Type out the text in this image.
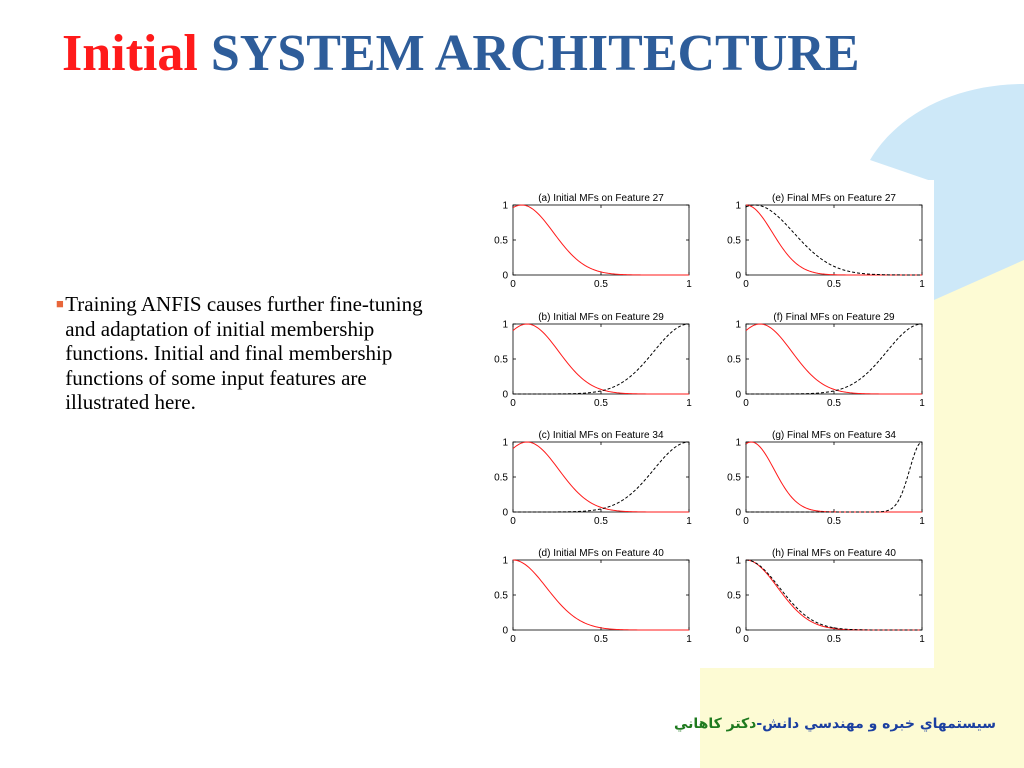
Initial SYSTEM ARCHITECTURE
■ Training ANFIS causes further fine-tuning and adaptation of initial membership functions. Initial and final membership functions of some input features are illustrated here.

(a) Initial MFs on Feature 27
0	0.5	1
0
0.5
1
(e) Final MFs on Feature 27
0	0.5	1
0
0.5
1
(b) Initial MFs on Feature 29
0	0.5	1
0
0.5
1
(f) Final MFs on Feature 29
0	0.5	1
0
0.5
1
(c) Initial MFs on Feature 34
0	0.5	1
0
0.5
1
(g) Final MFs on Feature 34
0	0.5	1
0
0.5
1
(d) Initial MFs on Feature 40
0	0.5	1
0
0.5
1
(h) Final MFs on Feature 40
0	0.5	1
0
0.5
1
سيستمهاي خبره و مهندسي دانش-دکتر کاهاني
